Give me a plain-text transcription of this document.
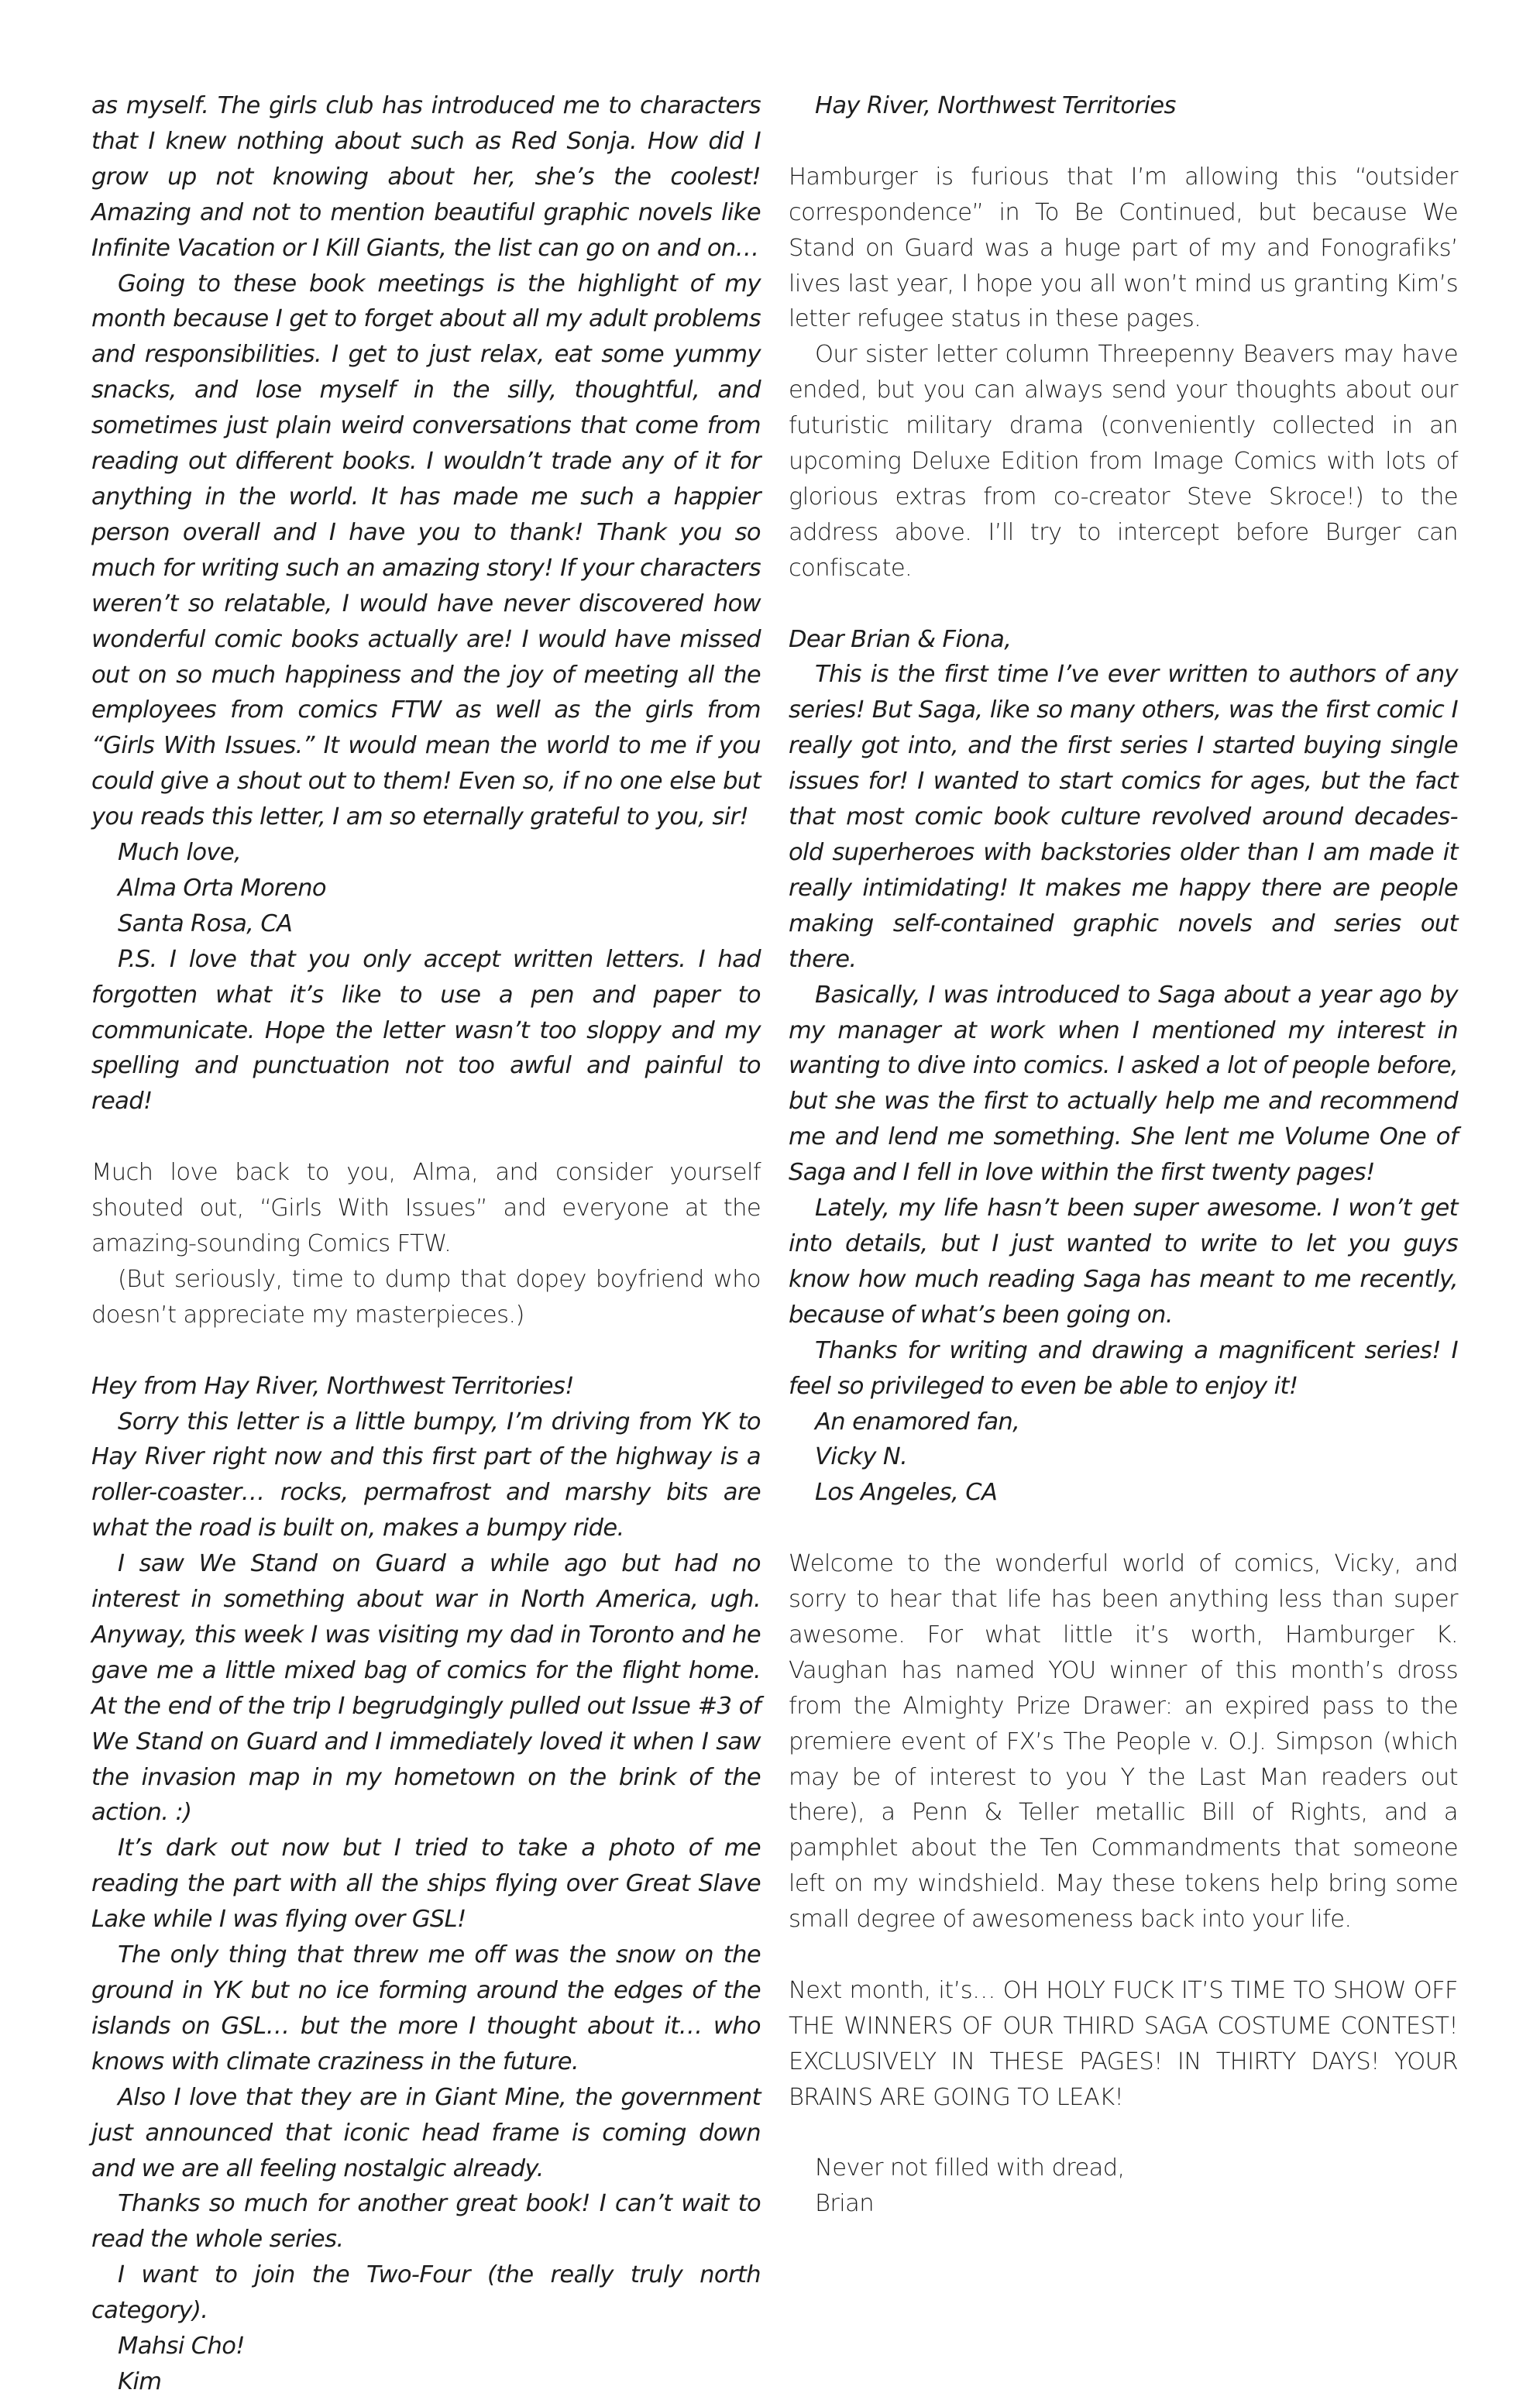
as myself. The girls club has introduced me to characters that I knew nothing about such as Red Sonja. How did I grow up not knowing about her, she’s the coolest! Amazing and not to mention beautiful graphic novels like Infinite Vacation or I Kill Giants, the list can go on and on…

Going to these book meetings is the highlight of my month because I get to forget about all my adult problems and responsibilities. I get to just relax, eat some yummy snacks, and lose myself in the silly, thoughtful, and sometimes just plain weird conversations that come from reading out different books. I wouldn’t trade any of it for anything in the world. It has made me such a happier person overall and I have you to thank! Thank you so much for writing such an amazing story! If your characters weren’t so relatable, I would have never discovered how wonderful comic books actually are! I would have missed out on so much happiness and the joy of meeting all the employees from comics FTW as well as the girls from “Girls With Issues.” It would mean the world to me if you could give a shout out to them! Even so, if no one else but you reads this letter, I am so eternally grateful to you, sir!

Much love,

Alma Orta Moreno

Santa Rosa, CA

P.S. I love that you only accept written letters. I had forgotten what it’s like to use a pen and paper to communicate. Hope the letter wasn’t too sloppy and my spelling and punctuation not too awful and painful to read!

Much love back to you, Alma, and consider yourself shouted out, “Girls With Issues” and everyone at the amazing-sounding Comics FTW.

(But seriously, time to dump that dopey boyfriend who doesn’t appreciate my masterpieces.)

Hey from Hay River, Northwest Territories!

Sorry this letter is a little bumpy, I’m driving from YK to Hay River right now and this first part of the highway is a roller-coaster… rocks, permafrost and marshy bits are what the road is built on, makes a bumpy ride.

I saw We Stand on Guard a while ago but had no interest in something about war in North America, ugh. Anyway, this week I was visiting my dad in Toronto and he gave me a little mixed bag of comics for the flight home. At the end of the trip I begrudgingly pulled out Issue #3 of We Stand on Guard and I immediately loved it when I saw the invasion map in my hometown on the brink of the action. :)

It’s dark out now but I tried to take a photo of me reading the part with all the ships flying over Great Slave Lake while I was flying over GSL!

The only thing that threw me off was the snow on the ground in YK but no ice forming around the edges of the islands on GSL… but the more I thought about it… who knows with climate craziness in the future.

Also I love that they are in Giant Mine, the government just announced that iconic head frame is coming down and we are all feeling nostalgic already.

Thanks so much for another great book! I can’t wait to read the whole series.

I want to join the Two-Four (the really truly north category).

Mahsi Cho!

Kim

Hay River, Northwest Territories

Hamburger is furious that I’m allowing this “outsider correspondence” in To Be Continued, but because We Stand on Guard was a huge part of my and Fonografiks’ lives last year, I hope you all won’t mind us granting Kim’s letter refugee status in these pages.

Our sister letter column Threepenny Beavers may have ended, but you can always send your thoughts about our futuristic military drama (conveniently collected in an upcoming Deluxe Edition from Image Comics with lots of glorious extras from co-creator Steve Skroce!) to the address above. I’ll try to intercept before Burger can confiscate.

Dear Brian & Fiona,

This is the first time I’ve ever written to authors of any series! But Saga, like so many others, was the first comic I really got into, and the first series I started buying single issues for! I wanted to start comics for ages, but the fact that most comic book culture revolved around decades-old superheroes with backstories older than I am made it really intimidating! It makes me happy there are people making self-contained graphic novels and series out there.

Basically, I was introduced to Saga about a year ago by my manager at work when I mentioned my interest in wanting to dive into comics. I asked a lot of people before, but she was the first to actually help me and recommend me and lend me something. She lent me Volume One of Saga and I fell in love within the first twenty pages!

Lately, my life hasn’t been super awesome. I won’t get into details, but I just wanted to write to let you guys know how much reading Saga has meant to me recently, because of what’s been going on.

Thanks for writing and drawing a magnificent series! I feel so privileged to even be able to enjoy it!

An enamored fan,

Vicky N.

Los Angeles, CA

Welcome to the wonderful world of comics, Vicky, and sorry to hear that life has been anything less than super awesome. For what little it’s worth, Hamburger K. Vaughan has named YOU winner of this month’s dross from the Almighty Prize Drawer: an expired pass to the premiere event of FX’s The People v. O.J. Simpson (which may be of interest to you Y the Last Man readers out there), a Penn & Teller metallic Bill of Rights, and a pamphlet about the Ten Commandments that someone left on my windshield. May these tokens help bring some small degree of awesomeness back into your life.

Next month, it’s… OH HOLY FUCK IT’S TIME TO SHOW OFF THE WINNERS OF OUR THIRD SAGA COSTUME CONTEST! EXCLUSIVELY IN THESE PAGES! IN THIRTY DAYS! YOUR BRAINS ARE GOING TO LEAK!

Never not filled with dread,

Brian
